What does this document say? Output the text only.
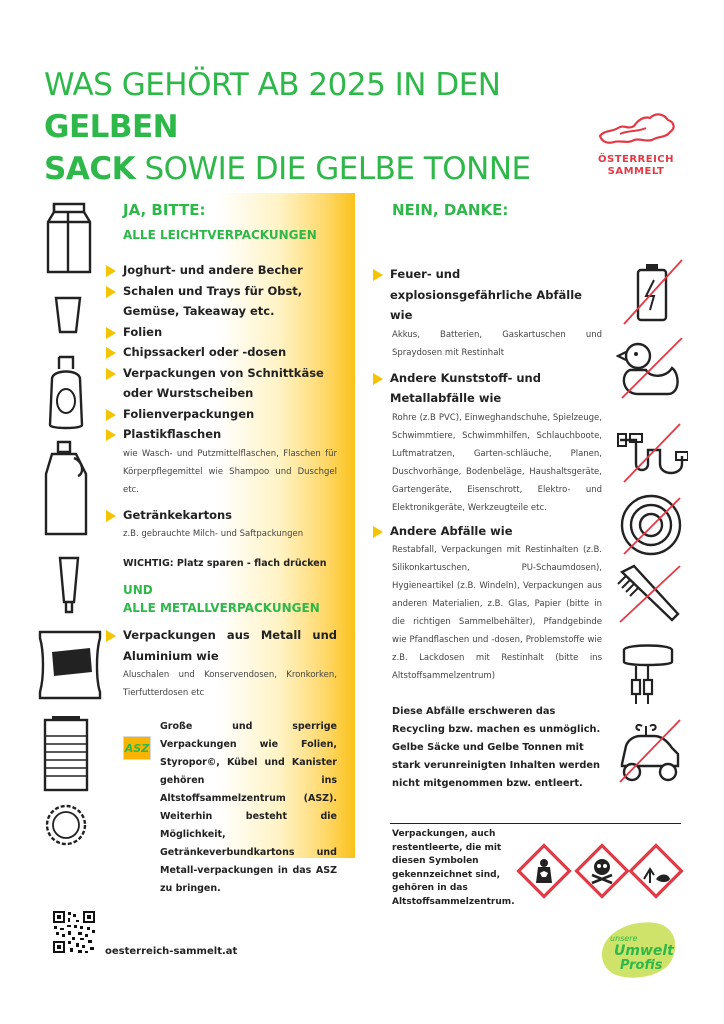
WAS GEHÖRT AB 2025 IN DEN GELBEN
SACK SOWIE DIE GELBE TONNE	ÖSTERREICH
SAMMELT
JA, BITTE:
ALLE LEICHTVERPACKUNGEN
Joghurt- und andere Becher
Schalen und Trays für Obst, Gemüse, Takeaway etc.
Folien
Chipssackerl oder -dosen
Verpackungen von Schnittkäse oder Wurstscheiben
Folienverpackungen
Plastikflaschen
wie Wasch- und Putzmittelflaschen, Flaschen für Körperpflegemittel wie Shampoo und Duschgel etc.
Getränkekartons
z.B. gebrauchte Milch- und Saftpackungen
WICHTIG: Platz sparen - flach drücken
UND
ALLE METALLVERPACKUNGEN
Verpackungen aus Metall und Aluminium wie
Aluschalen und Konservendosen, Kronkorken, Tierfutterdosen etc
ASZ
Große und sperrige Verpackungen wie Folien, Styropor©, Kübel und Kanister gehören ins Altstoffsammelzentrum (ASZ). Weiterhin besteht die Möglichkeit, Getränkeverbundkartons und Metall-verpackungen in das ASZ zu bringen.
NEIN, DANKE:
Feuer- und explosionsgefährliche Abfälle wie
Akkus, Batterien, Gaskartuschen und Spraydosen mit Restinhalt
Andere Kunststoff- und Metallabfälle wie
Rohre (z.B PVC), Einweghandschuhe, Spielzeuge, Schwimmtiere, Schwimmhilfen, Schlauchboote, Luftmatratzen, Garten-schläuche, Planen, Duschvorhänge, Bodenbeläge, Haushaltsgeräte, Gartengeräte, Eisenschrott, Elektro- und Elektronikgeräte, Werkzeugteile etc.
Andere Abfälle wie
Restabfall, Verpackungen mit Restinhalten (z.B. Silikonkartuschen, PU-Schaumdosen), Hygieneartikel (z.B. Windeln), Verpackungen aus anderen Materialien, z.B. Glas, Papier (bitte in die richtigen Sammelbehälter), Pfandgebinde wie Pfandflaschen und -dosen, Problemstoffe wie z.B. Lackdosen mit Restinhalt (bitte ins Altstoffsammelzentrum)
Diese Abfälle erschweren das Recycling bzw. machen es unmöglich. Gelbe Säcke und Gelbe Tonnen mit stark verunreinigten Inhalten werden nicht mitgenommen bzw. entleert.
Verpackungen, auch restentleerte, die mit diesen Symbolen gekennzeichnet sind, gehören in das Altstoffsammelzentrum.
oesterreich-sammelt.at
unsere
Umwelt
Profis
